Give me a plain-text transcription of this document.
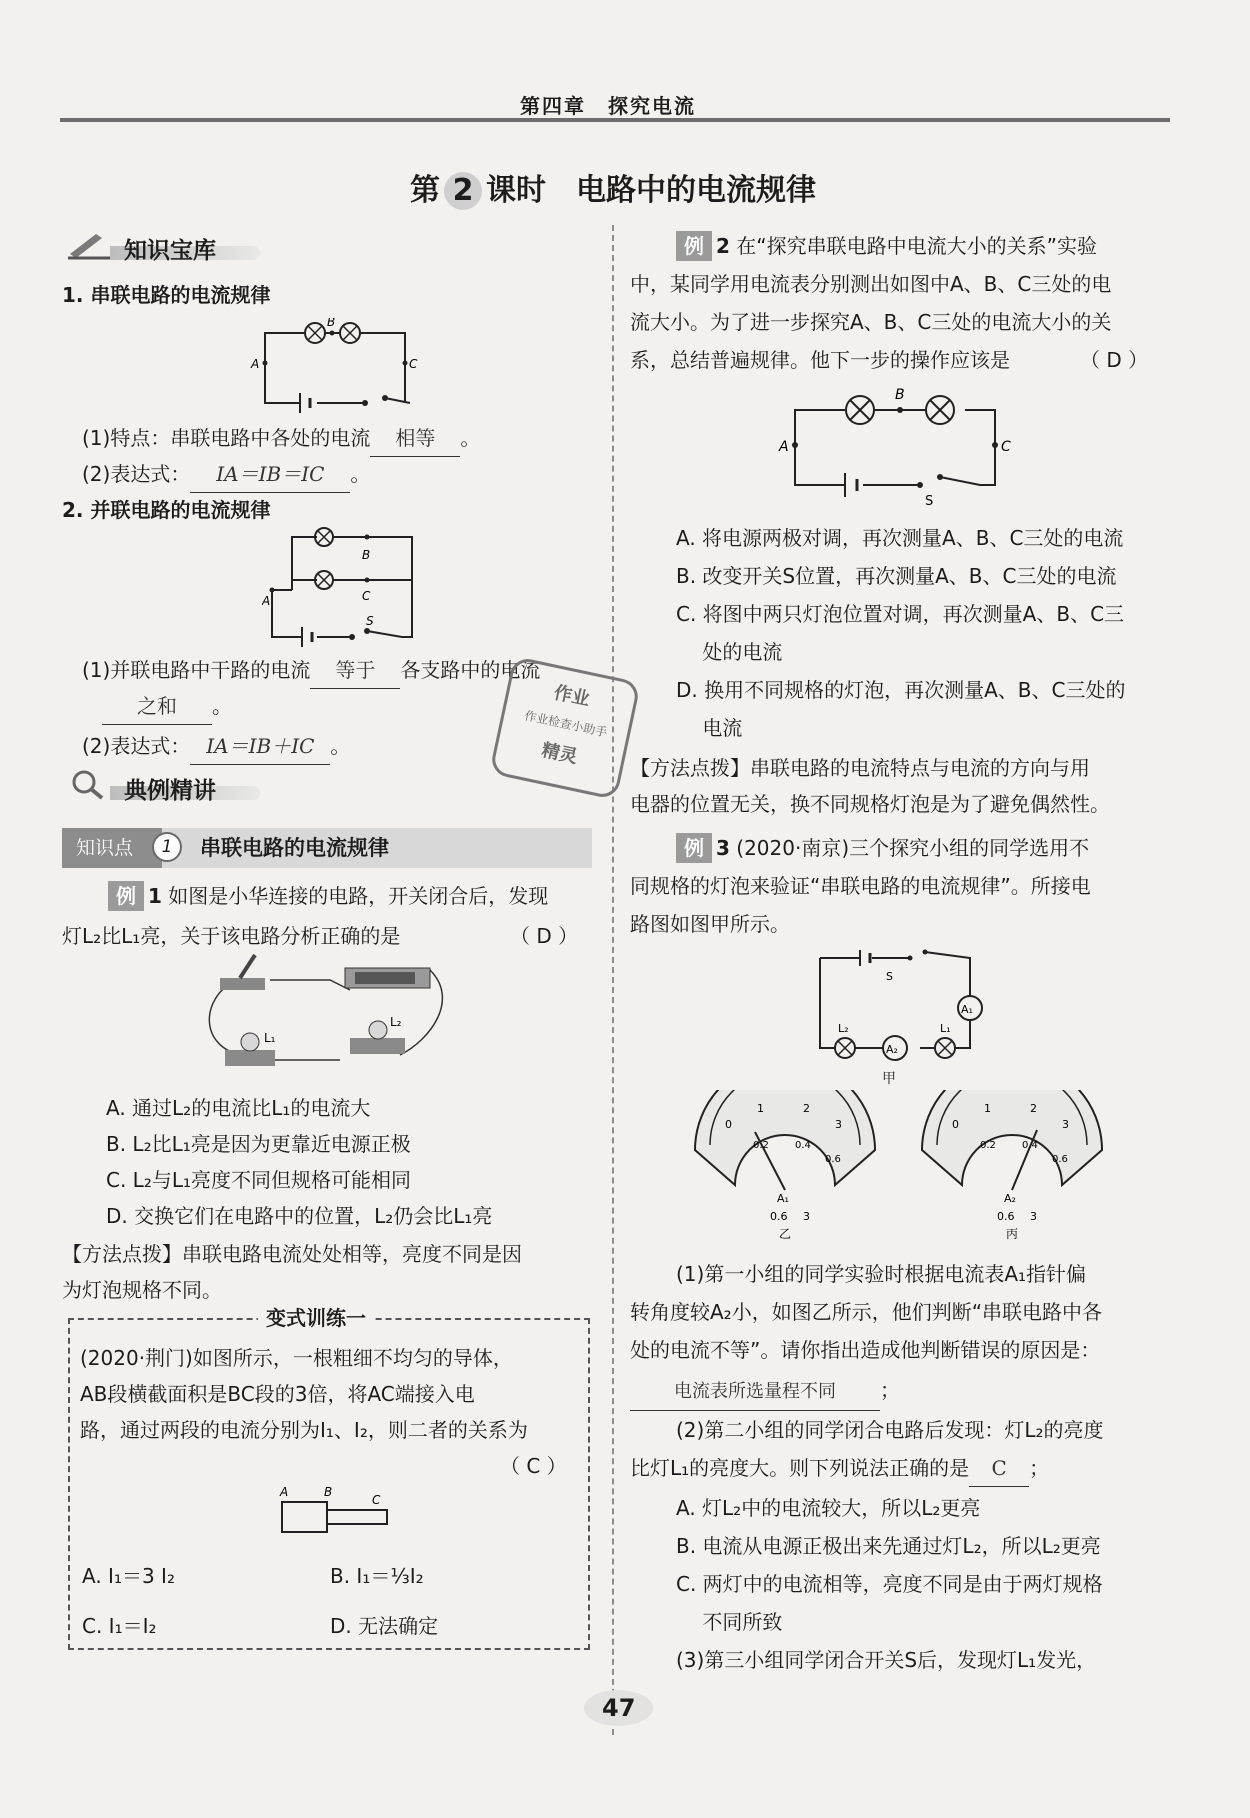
第四章　探究电流
第 2 课时　 电路中的电流规律
知识宝库
1. 串联电路的电流规律
B
A	C
(1)特点：串联电路中各处的电流 相等 。
(2)表达式： IA＝IB＝IC 。
2. 并联电路的电流规律
B
C
A
S
(1)并联电路中干路的电流 等于 各支路中的电流
之和 。
(2)表达式： IA＝IB＋IC 。
作业
作业检查小助手
精灵
典例精讲
知识点	1	串联电路的电流规律
例 1 如图是小华连接的电路，开关闭合后，发现
灯L₂比L₁亮，关于该电路分析正确的是	（ D ）
L₁
L₂
A. 通过L₂的电流比L₁的电流大
B. L₂比L₁亮是因为更靠近电源正极
C. L₂与L₁亮度不同但规格可能相同
D. 交换它们在电路中的位置，L₂仍会比L₁亮
【方法点拨】串联电路电流处处相等，亮度不同是因
为灯泡规格不同。
变式训练一
(2020·荆门)如图所示，一根粗细不均匀的导体，
AB段横截面积是BC段的3倍，将AC端接入电
路，通过两段的电流分别为I₁、I₂，则二者的关系为
（ C ）
A	B
C
A. I₁＝3 I₂	B. I₁＝⅓I₂
C. I₁＝I₂	D. 无法确定
例 2 在“探究串联电路中电流大小的关系”实验
中，某同学用电流表分别测出如图中A、B、C三处的电
流大小。为了进一步探究A、B、C三处的电流大小的关
系，总结普遍规律。他下一步的操作应该是	（ D ）
B
A	C
S
A. 将电源两极对调，再次测量A、B、C三处的电流
B. 改变开关S位置，再次测量A、B、C三处的电流
C. 将图中两只灯泡位置对调，再次测量A、B、C三
　 处的电流
D. 换用不同规格的灯泡，再次测量A、B、C三处的
　 电流
【方法点拨】串联电路的电流特点与电流的方向与用
电器的位置无关，换不同规格灯泡是为了避免偶然性。
例 3 (2020·南京)三个探究小组的同学选用不
同规格的灯泡来验证“串联电路的电流规律”。所接电
路图如图甲所示。
A₁
A₂
L₂	L₁
S
甲
0
1	2
3
0.2	0.4
0.6
A₁
0.6 3
乙
0
1	2
3
0.2	0.4
0.6
A₂
0.6 3
丙
(1)第一小组的同学实验时根据电流表A₁指针偏
转角度较A₂小，如图乙所示，他们判断“串联电路中各
处的电流不等”。请你指出造成他判断错误的原因是：
电流表所选量程不同 ；
(2)第二小组的同学闭合电路后发现：灯L₂的亮度
比灯L₁的亮度大。则下列说法正确的是 C ；
A. 灯L₂中的电流较大，所以L₂更亮
B. 电流从电源正极出来先通过灯L₂，所以L₂更亮
C. 两灯中的电流相等，亮度不同是由于两灯规格
　 不同所致
(3)第三小组同学闭合开关S后，发现灯L₁发光，
47
